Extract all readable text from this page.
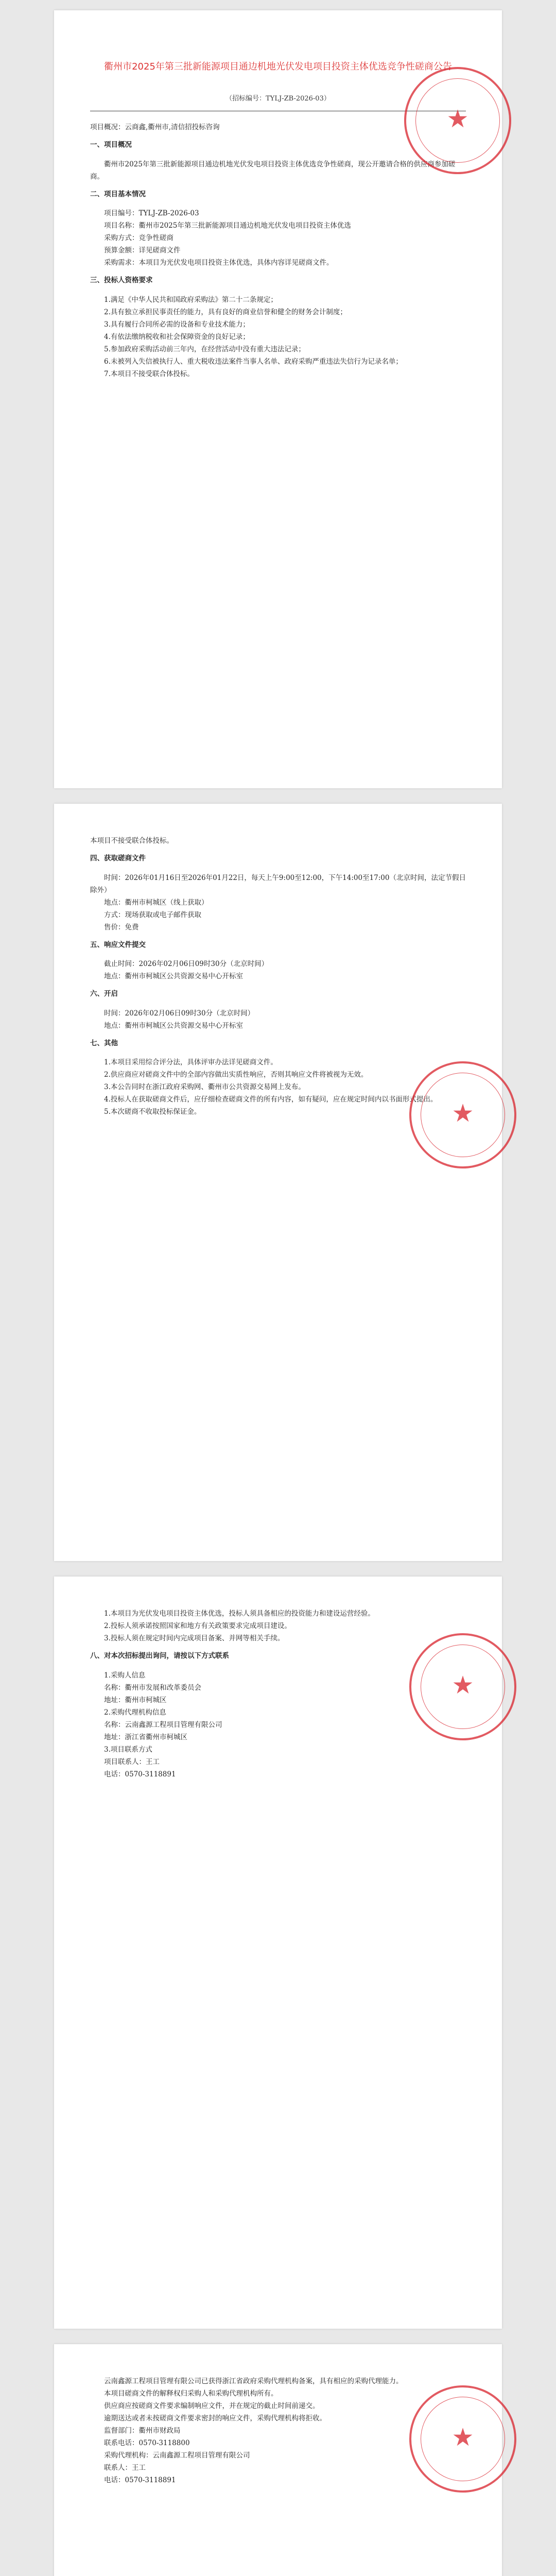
衢州市2025年第三批新能源项目通边机地光伏发电项目投资主体优选竞争性磋商公告
（招标编号：TYLJ-ZB-2026-03）

项目概况：云商鑫,衢州市,清信招投标咨询

一、项目概况

衢州市2025年第三批新能源项目通边机地光伏发电项目投资主体优选竞争性磋商，现公开邀请合格的供应商参加磋商。

二、项目基本情况

项目编号：TYLJ-ZB-2026-03

项目名称：衢州市2025年第三批新能源项目通边机地光伏发电项目投资主体优选

采购方式：竞争性磋商

预算金额：详见磋商文件

采购需求：本项目为光伏发电项目投资主体优选，具体内容详见磋商文件。

三、投标人资格要求

1.满足《中华人民共和国政府采购法》第二十二条规定；

2.具有独立承担民事责任的能力，具有良好的商业信誉和健全的财务会计制度；

3.具有履行合同所必需的设备和专业技术能力；

4.有依法缴纳税收和社会保障资金的良好记录；

5.参加政府采购活动前三年内，在经营活动中没有重大违法记录；

6.未被列入失信被执行人、重大税收违法案件当事人名单、政府采购严重违法失信行为记录名单；

7.本项目不接受联合体投标。

★

本项目不接受联合体投标。

四、获取磋商文件

时间：2026年01月16日至2026年01月22日，每天上午9:00至12:00，下午14:00至17:00（北京时间，法定节假日除外）

地点：衢州市柯城区（线上获取）

方式：现场获取或电子邮件获取

售价：免费

五、响应文件提交

截止时间：2026年02月06日09时30分（北京时间）

地点：衢州市柯城区公共资源交易中心开标室

六、开启

时间：2026年02月06日09时30分（北京时间）

地点：衢州市柯城区公共资源交易中心开标室

七、其他

1.本项目采用综合评分法，具体评审办法详见磋商文件。

2.供应商应对磋商文件中的全部内容做出实质性响应，否则其响应文件将被视为无效。

3.本公告同时在浙江政府采购网、衢州市公共资源交易网上发布。

4.投标人在获取磋商文件后，应仔细检查磋商文件的所有内容，如有疑问，应在规定时间内以书面形式提出。

5.本次磋商不收取投标保证金。	★

1.本项目为光伏发电项目投资主体优选，投标人须具备相应的投资能力和建设运营经验。

2.投标人须承诺按照国家和地方有关政策要求完成项目建设。

3.投标人须在规定时间内完成项目备案、并网等相关手续。

八、对本次招标提出询问，请按以下方式联系

1.采购人信息

名称：衢州市发展和改革委员会

地址：衢州市柯城区

2.采购代理机构信息

名称：云南鑫源工程项目管理有限公司

地址：浙江省衢州市柯城区

3.项目联系方式

项目联系人：王工

电话：0570-3118891

★

云南鑫源工程项目管理有限公司已获得浙江省政府采购代理机构备案，具有相应的采购代理能力。

本项目磋商文件的解释权归采购人和采购代理机构所有。

供应商应按磋商文件要求编制响应文件，并在规定的截止时间前递交。

逾期送达或者未按磋商文件要求密封的响应文件，采购代理机构将拒收。

监督部门：衢州市财政局

联系电话：0570-3118800

采购代理机构：云南鑫源工程项目管理有限公司

联系人：王工

电话：0570-3118891

★
